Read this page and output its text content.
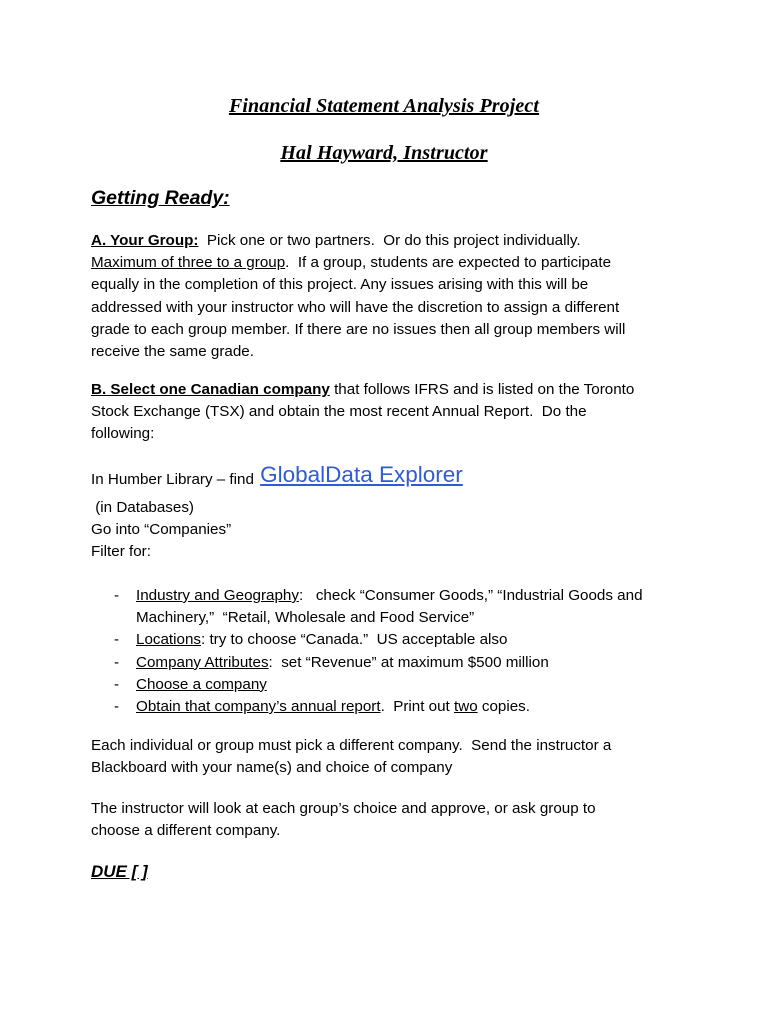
Financial Statement Analysis Project
Hal Hayward, Instructor
Getting Ready:

A. Your Group:  Pick one or two partners.  Or do this project individually.

Maximum of three to a group.  If a group, students are expected to participate

equally in the completion of this project. Any issues arising with this will be

addressed with your instructor who will have the discretion to assign a different

grade to each group member. If there are no issues then all group members will

receive the same grade.

B. Select one Canadian company that follows IFRS and is listed on the Toronto

Stock Exchange (TSX) and obtain the most recent Annual Report.  Do the

following:

In Humber Library – find GlobalData Explorer

(in Databases)

Go into “Companies”

Filter for:

- Industry and Geography:   check “Consumer Goods,” “Industrial Goods and
Machinery,”  “Retail, Wholesale and Food Service”
- Locations: try to choose “Canada.”  US acceptable also
- Company Attributes:  set “Revenue” at maximum $500 million
- Choose a company
- Obtain that company’s annual report.  Print out two copies.

Each individual or group must pick a different company.  Send the instructor a

Blackboard with your name(s) and choice of company

The instructor will look at each group’s choice and approve, or ask group to

choose a different company.

DUE [ ]
